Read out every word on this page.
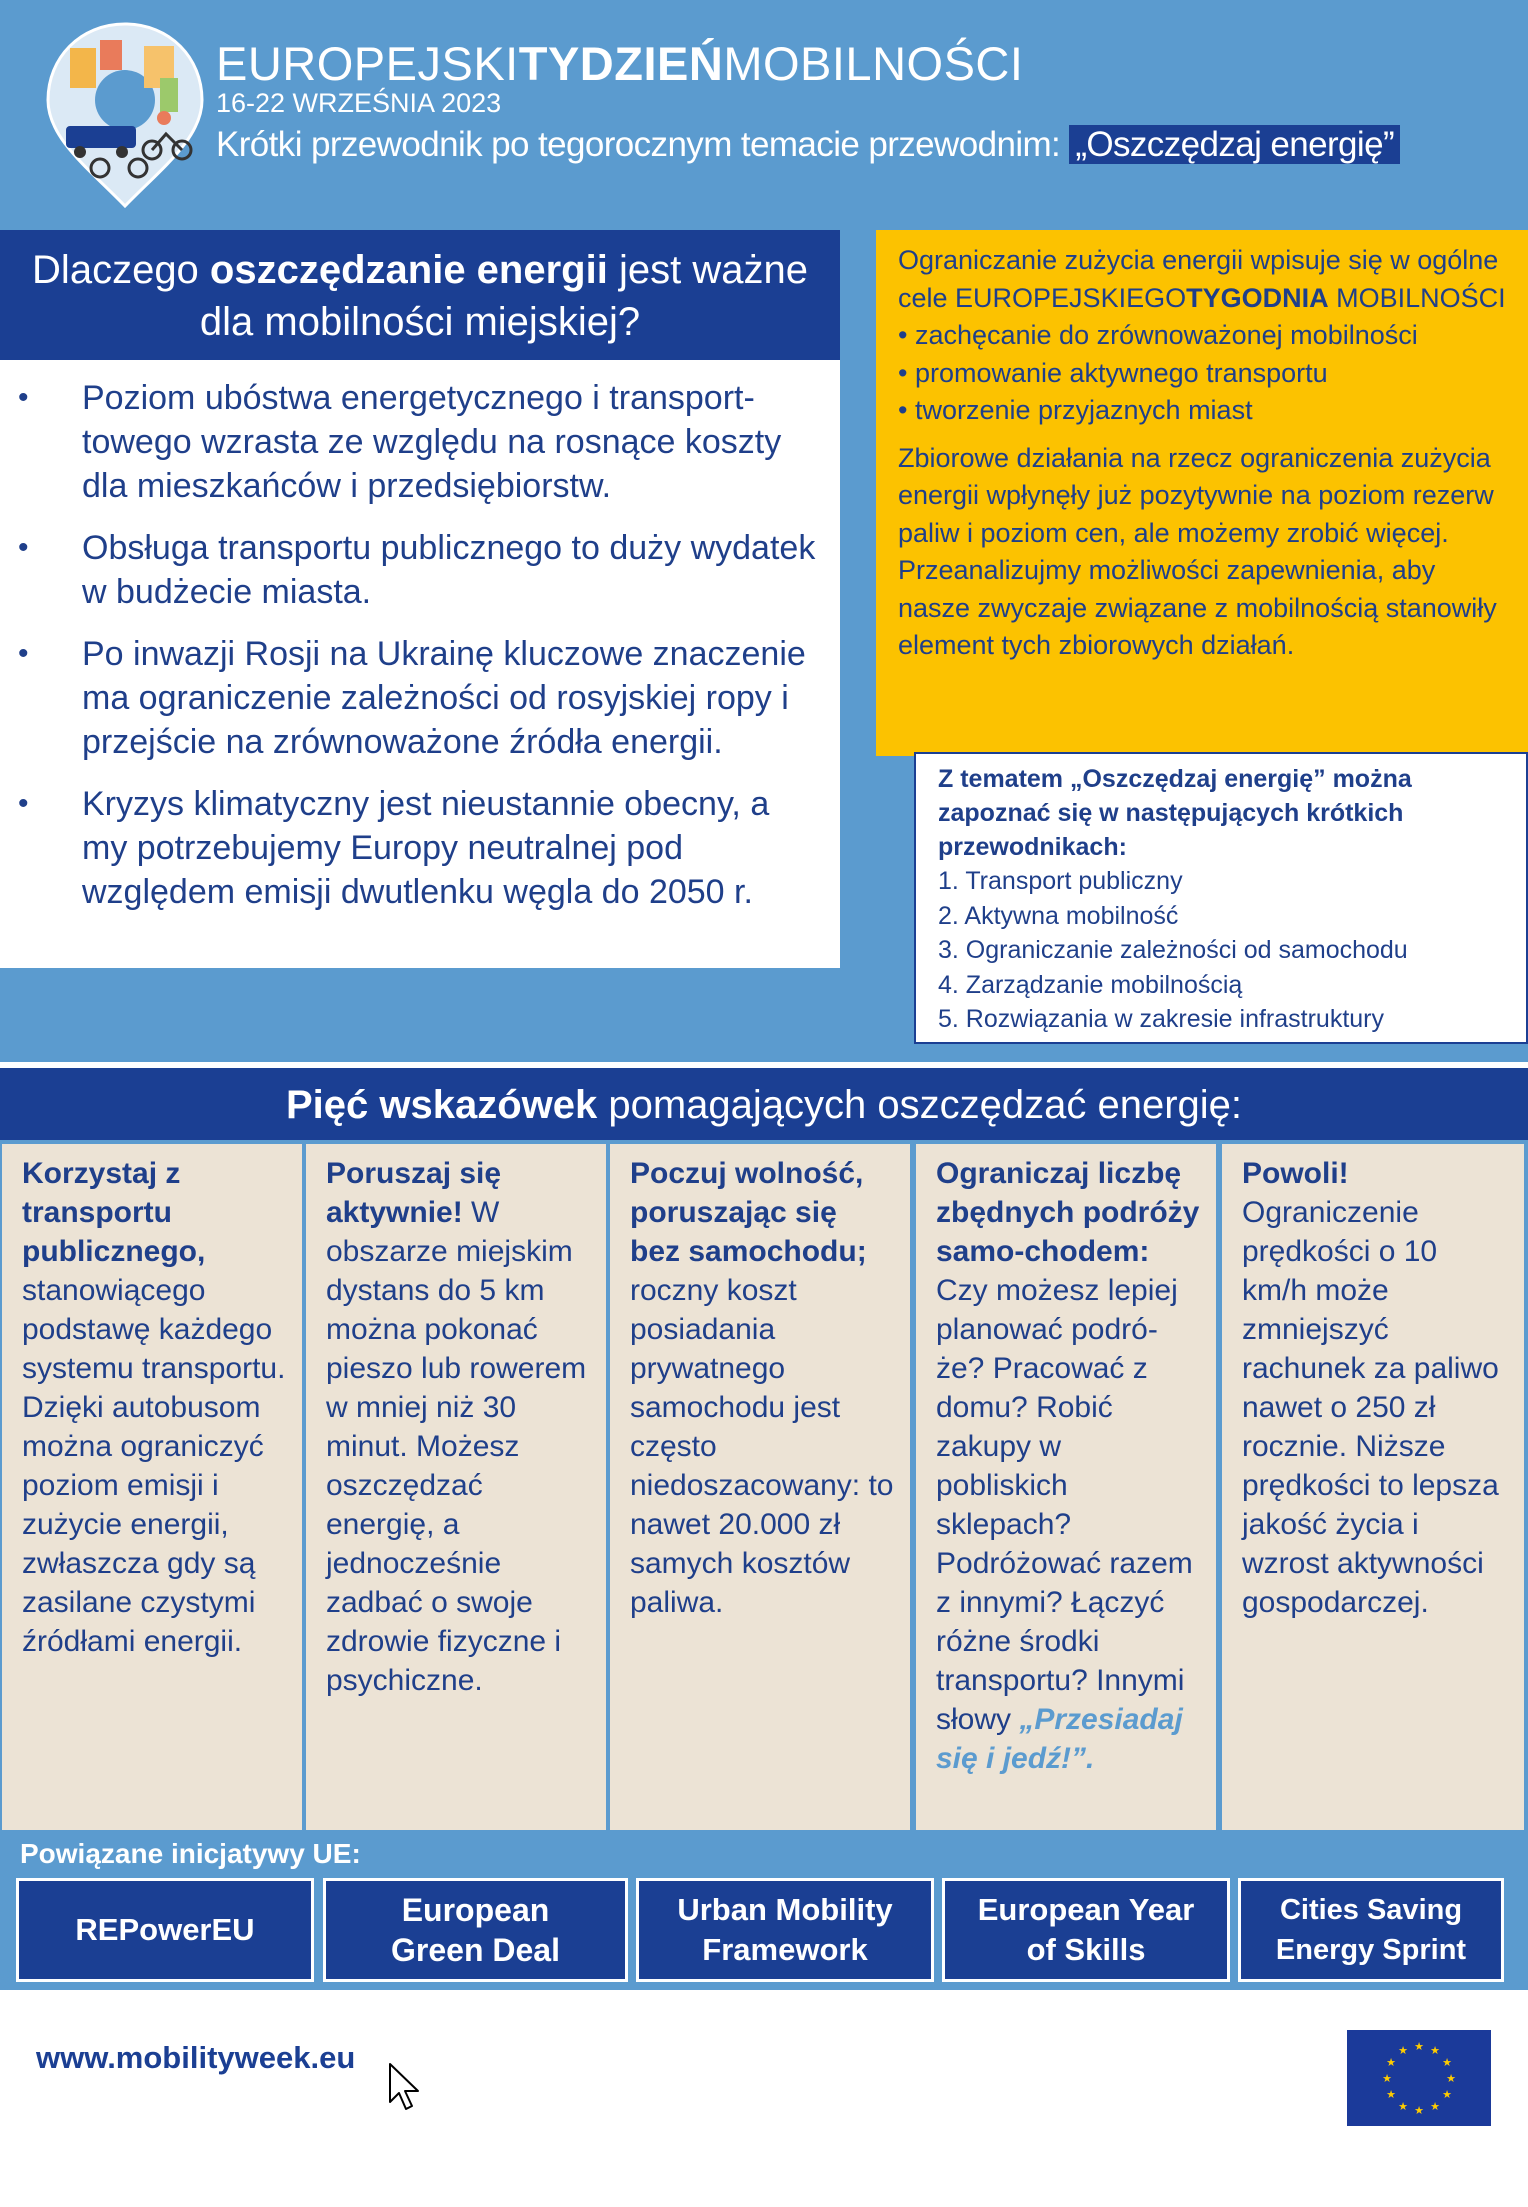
EUROPEJSKITYDZIEŃMOBILNOŚCI
16-22 WRZEŚNIA 2023
Krótki przewodnik po tegorocznym temacie przewodnim: „Oszczędzaj energię”
Dlaczego oszczędzanie energii jest ważne dla mobilności miejskiej?
• Poziom ubóstwa energetycznego i transport-towego wzrasta ze względu na rosnące koszty dla mieszkańców i przedsiębiorstw.
• Obsługa transportu publicznego to duży wydatek w budżecie miasta.
• Po inwazji Rosji na Ukrainę kluczowe znaczenie ma ograniczenie zależności od rosyjskiej ropy i przejście na zrównoważone źródła energii.
• Kryzys klimatyczny jest nieustannie obecny, a my potrzebujemy Europy neutralnej pod względem emisji dwutlenku węgla do 2050 r.

Ograniczanie zużycia energii wpisuje się w ogólne cele EUROPEJSKIEGOTYGODNIA MOBILNOŚCI

• zachęcanie do zrównoważonej mobilności
• promowanie aktywnego transportu
• tworzenie przyjaznych miast

Zbiorowe działania na rzecz ograniczenia zużycia energii wpłynęły już pozytywnie na poziom rezerw paliw i poziom cen, ale możemy zrobić więcej. Przeanalizujmy możliwości zapewnienia, aby nasze zwyczaje związane z mobilnością stanowiły element tych zbiorowych działań.

Z tematem „Oszczędzaj energię” można zapoznać się w następujących krótkich przewodnikach:
1. Transport publiczny
2. Aktywna mobilność
3. Ograniczanie zależności od samochodu
4. Zarządzanie mobilnością
5. Rozwiązania w zakresie infrastruktury
Pięć wskazówek pomagających oszczędzać energię:
Korzystaj z transportu publicznego, stanowiącego podstawę każdego systemu transportu. Dzięki autobusom można ograniczyć poziom emisji i zużycie energii, zwłaszcza gdy są zasilane czystymi źródłami energii.
Poruszaj się aktywnie! W obszarze miejskim dystans do 5 km można pokonać pieszo lub rowerem w mniej niż 30 minut. Możesz oszczędzać energię, a jednocześnie zadbać o swoje zdrowie fizyczne i psychiczne.
Poczuj wolność, poruszając się bez samochodu; roczny koszt posiadania prywatnego samochodu jest często niedoszacowany: to nawet 20.000 zł samych kosztów paliwa.
Ograniczaj liczbę zbędnych podróży samo-chodem: Czy możesz lepiej planować podró-że? Pracować z domu? Robić zakupy w pobliskich sklepach? Podróżować razem z innymi? Łączyć różne środki transportu? Innymi słowy „Przesiadaj się i jedź!”.
Powoli! Ograniczenie prędkości o 10 km/h może zmniejszyć rachunek za paliwo nawet o 250 zł rocznie. Niższe prędkości to lepsza jakość życia i wzrost aktywności gospodarczej.
Powiązane inicjatywy UE:
REPowerEU
European Green Deal
Urban Mobility Framework
European Year of Skills
Cities Saving Energy Sprint
www.mobilityweek.eu	★ ★
★
★
★
★
★
★
★
★
★
★
